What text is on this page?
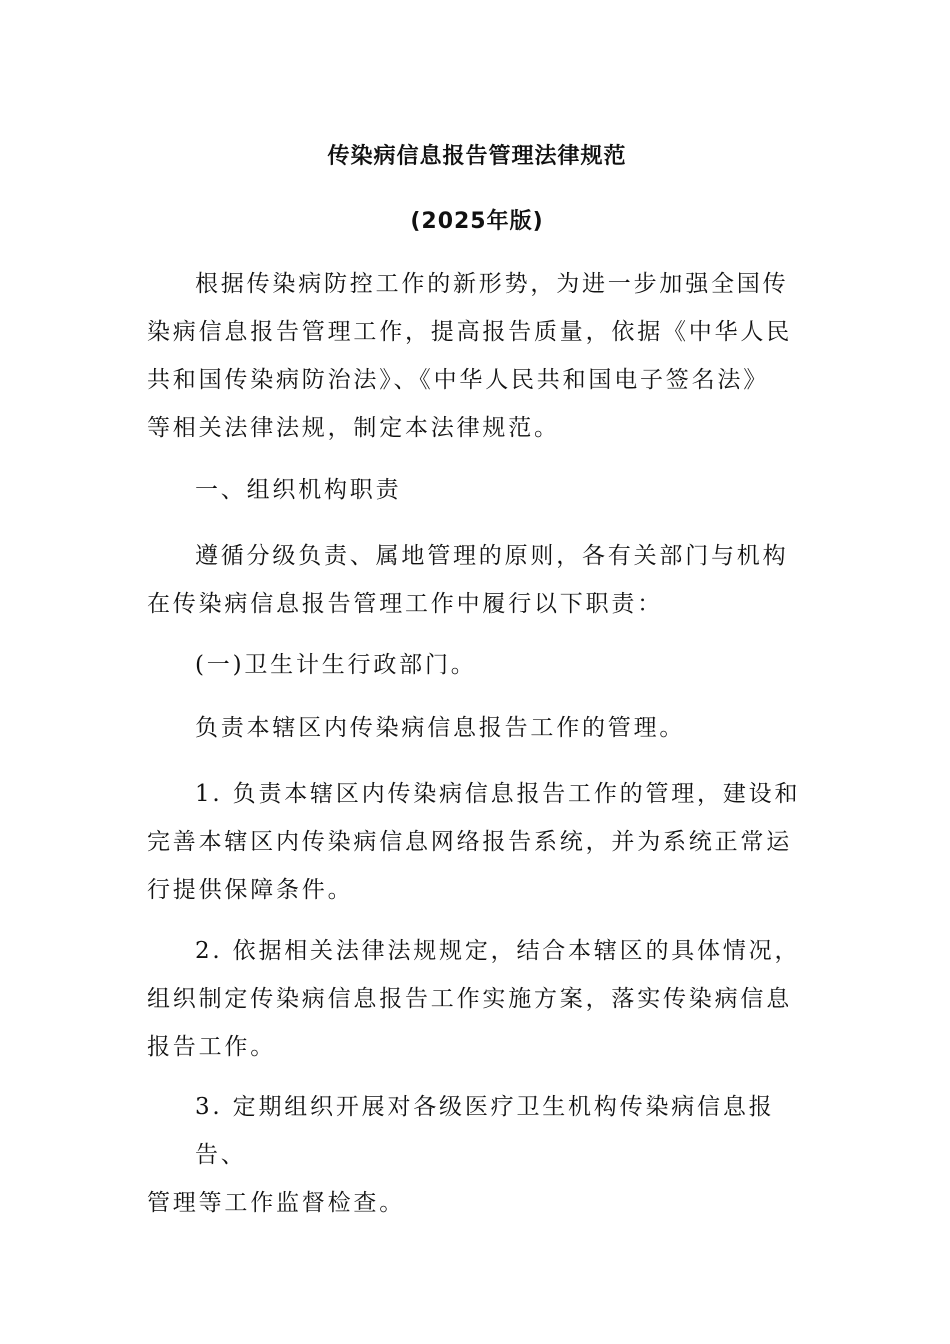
传染病信息报告管理法律规范
(2025年版)
根据传染病防控工作的新形势，为进一步加强全国传
染病信息报告管理工作，提高报告质量，依据《中华人民
共和国传染病防治法》、《中华人民共和国电子签名法》
等相关法律法规，制定本法律规范。
一、组织机构职责
遵循分级负责、属地管理的原则，各有关部门与机构
在传染病信息报告管理工作中履行以下职责：
(一)卫生计生行政部门。
负责本辖区内传染病信息报告工作的管理。
1. 负责本辖区内传染病信息报告工作的管理，建设和
完善本辖区内传染病信息网络报告系统，并为系统正常运
行提供保障条件。
2. 依据相关法律法规规定，结合本辖区的具体情况，
组织制定传染病信息报告工作实施方案，落实传染病信息
报告工作。
3. 定期组织开展对各级医疗卫生机构传染病信息报告、
管理等工作监督检查。
